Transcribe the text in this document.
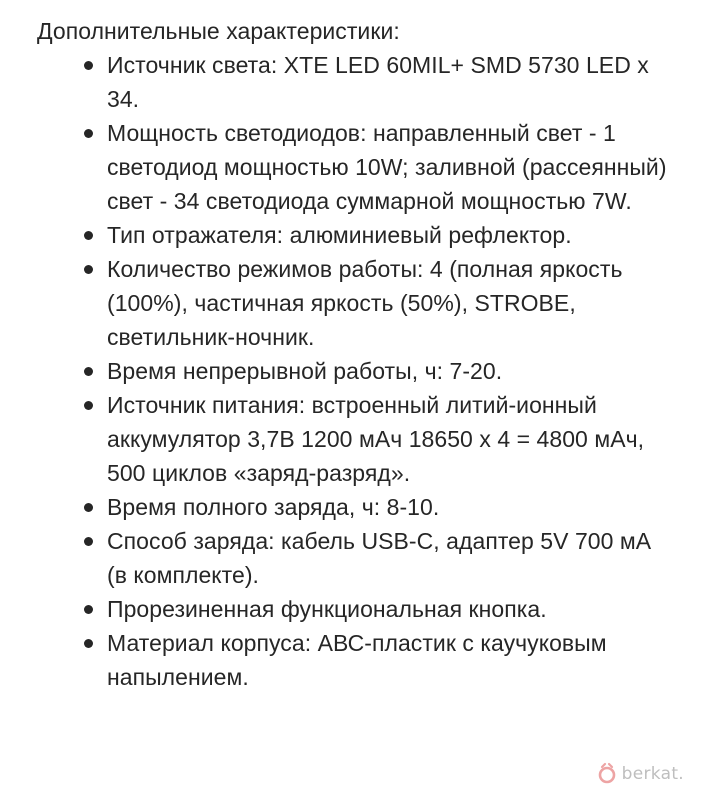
Дополнительные характеристики:

Источник света: XTE LED 60MIL+ SMD 5730 LED x 34.
Мощность светодиодов: направленный свет - 1 светодиод мощностью 10W; заливной (рассеянный) свет - 34 светодиода суммарной мощностью 7W.
Тип отражателя: алюминиевый рефлектор.
Количество режимов работы: 4 (полная яркость (100%), частичная яркость (50%), STROBE, светильник-ночник.
Время непрерывной работы, ч: 7-20.
Источник питания: встроенный литий-ионный аккумулятор 3,7В 1200 мАч 18650 х 4 = 4800 мАч, 500 циклов «заряд-разряд».
Время полного заряда, ч: 8-10.
Способ заряда: кабель USB-C, адаптер 5V 700 мА (в комплекте).
Прорезиненная функциональная кнопка.
Материал корпуса: АВС-пластик с каучуковым напылением.
berkat.
